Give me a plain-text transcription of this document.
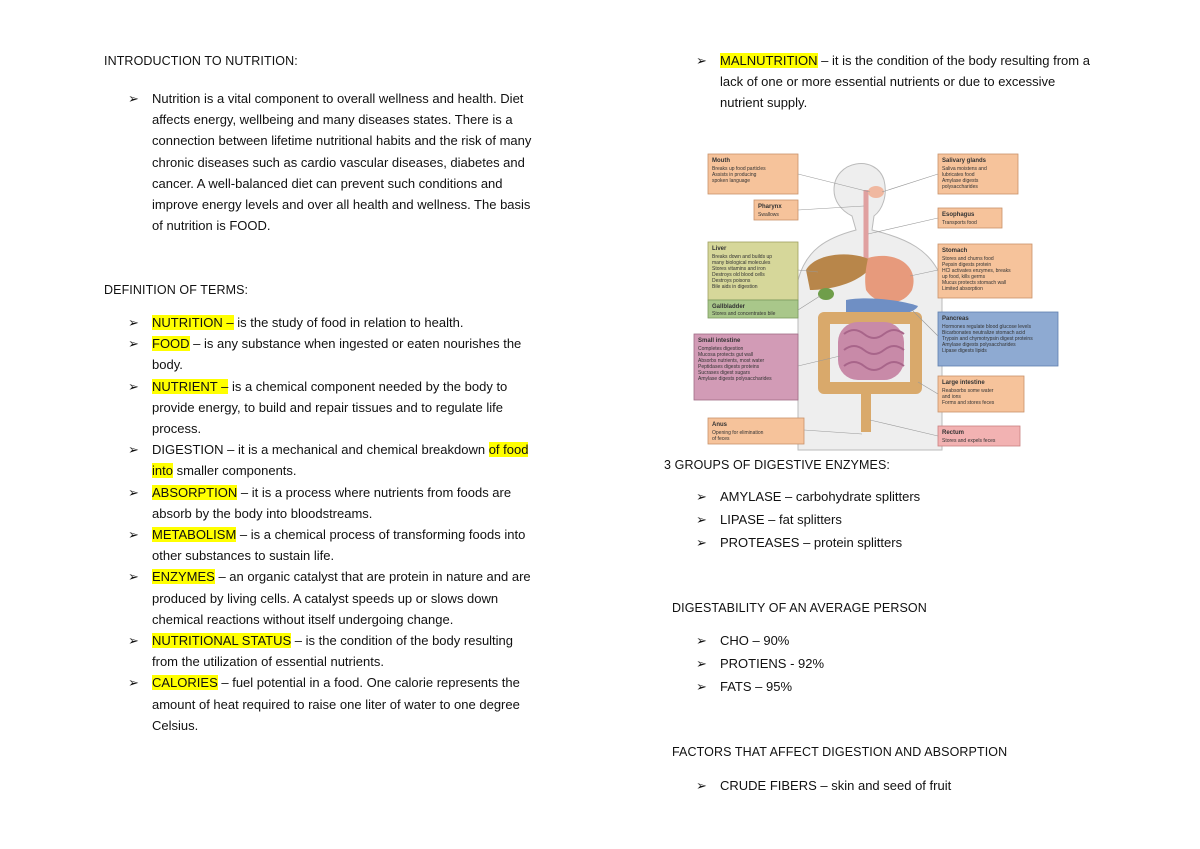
INTRODUCTION TO NUTRITION:
➢ Nutrition is a vital component to overall wellness and health. Diet affects energy, wellbeing and many diseases states. There is a connection between lifetime nutritional habits and the risk of many chronic diseases such as cardio vascular diseases, diabetes and cancer. A well-balanced diet can prevent such conditions and improve energy levels and over all health and wellness. The basis of nutrition is FOOD.
DEFINITION OF TERMS:
➢ NUTRITION – is the study of food in relation to health.
➢ FOOD – is any substance when ingested or eaten nourishes the body.
➢ NUTRIENT – is a chemical component needed by the body to provide energy, to build and repair tissues and to regulate life process.
➢ DIGESTION – it is a mechanical and chemical breakdown of food into smaller components.
➢ ABSORPTION – it is a process where nutrients from foods are absorb by the body into bloodstreams.
➢ METABOLISM – is a chemical process of transforming foods into other substances to sustain life.
➢ ENZYMES – an organic catalyst that are protein in nature and are produced by living cells. A catalyst speeds up or slows down chemical reactions without itself undergoing change.
➢ NUTRITIONAL STATUS – is the condition of the body resulting from the utilization of essential nutrients.
➢ CALORIES – fuel potential in a food. One calorie represents the amount of heat required to raise one liter of water to one degree Celsius.
➢ MALNUTRITION – it is the condition of the body resulting from a lack of one or more essential nutrients or due to excessive nutrient supply.
3 GROUPS OF DIGESTIVE ENZYMES:
➢ AMYLASE – carbohydrate splitters
➢ LIPASE – fat splitters
➢ PROTEASES – protein splitters
DIGESTABILITY OF AN AVERAGE PERSON
➢ CHO – 90%
➢ PROTIENS - 92%
➢ FATS – 95%
FACTORS THAT AFFECT DIGESTION AND ABSORPTION
➢ CRUDE FIBERS – skin and seed of fruit
Mouth
Breaks up food particles Assists in producing spoken language
Pharynx
Swallows
Liver
Breaks down and builds up many biological molecules Stores vitamins and iron Destroys old blood cells Destroys poisons Bile aids in digestion
Gallbladder
Stores and concentrates bile
Small intestine
Completes digestion Mucosa protects gut wall Absorbs nutrients, most water Peptidases digests proteins Sucrases digest sugars Amylase digests polysaccharides
Anus
Opening for elimination of feces
Salivary glands
Saliva moistens and lubricates food Amylase digests polysaccharides
Esophagus
Transports food
Stomach
Stores and churns food Pepsin digests protein HCl activates enzymes, breaks up food, kills germs Mucus protects stomach wall Limited absorption
Pancreas
Hormones regulate blood glucose levels Bicarbonates neutralize stomach acid Trypsin and chymotrypsin digest proteins Amylase digests polysaccharides Lipase digests lipids
Large intestine
Reabsorbs some water and ions Forms and stores feces
Rectum
Stores and expels feces
